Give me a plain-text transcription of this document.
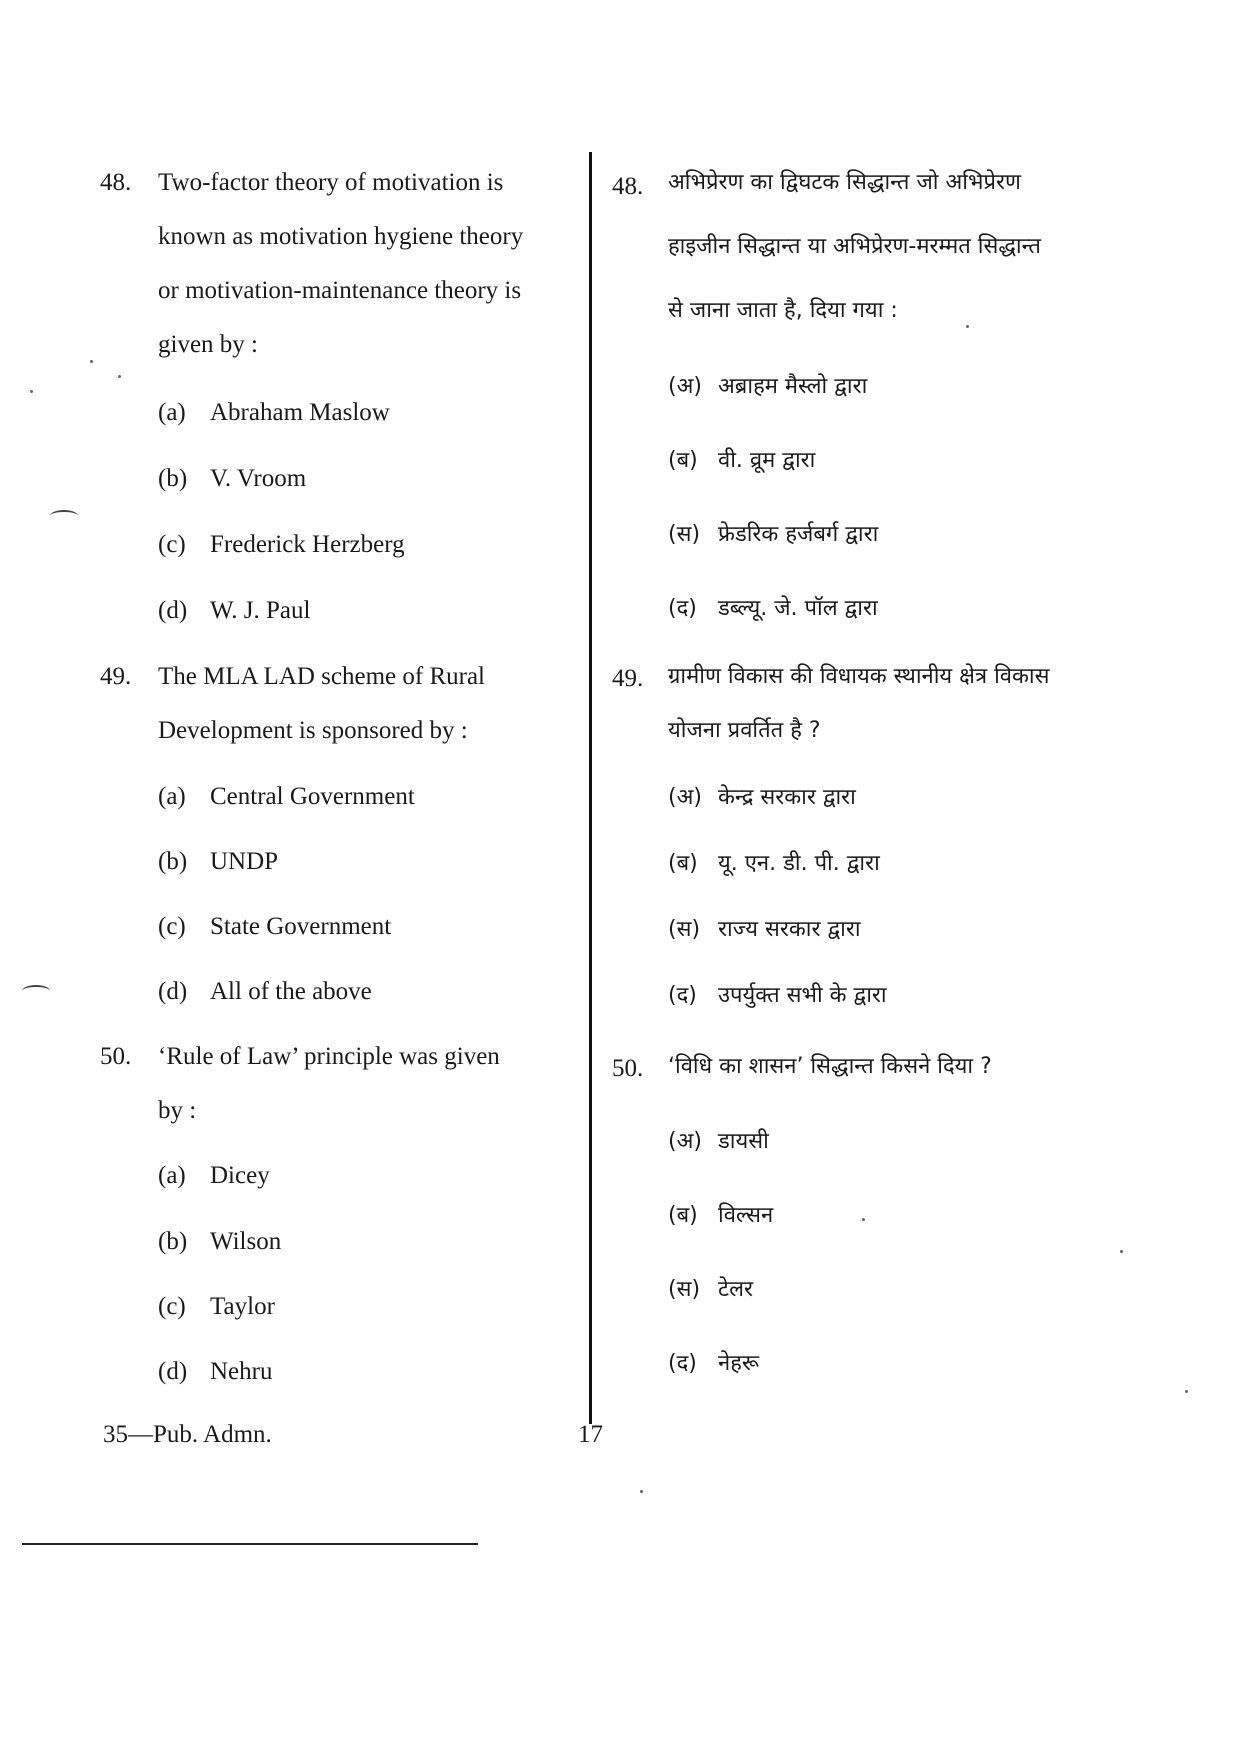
48. Two-factor theory of motivation is
known as motivation hygiene theory
or motivation-maintenance theory is
given by :
(a) Abraham Maslow
(b) V. Vroom
(c) Frederick Herzberg
(d) W. J. Paul
49. The MLA LAD scheme of Rural
Development is sponsored by :
(a) Central Government
(b) UNDP
(c) State Government
(d) All of the above
50. ‘Rule of Law’ principle was given
by :
(a) Dicey
(b) Wilson
(c) Taylor
(d) Nehru
48. अभिप्रेरण का द्विघटक सिद्धान्त जो अभिप्रेरण
हाइजीन सिद्धान्त या अभिप्रेरण-मरम्मत सिद्धान्त
से जाना जाता है, दिया गया :
(अ) अब्राहम मैस्लो द्वारा
(ब) वी. व्रूम द्वारा
(स) फ्रेडरिक हर्जबर्ग द्वारा
(द) डब्ल्यू. जे. पॉल द्वारा
49. ग्रामीण विकास की विधायक स्थानीय क्षेत्र विकास
योजना प्रवर्तित है ?
(अ) केन्द्र सरकार द्वारा
(ब) यू. एन. डी. पी. द्वारा
(स) राज्य सरकार द्वारा
(द) उपर्युक्त सभी के द्वारा
50. ‘विधि का शासन’ सिद्धान्त किसने दिया ?
(अ) डायसी
(ब) विल्सन
(स) टेलर
(द) नेहरू
35—Pub. Admn.	17
